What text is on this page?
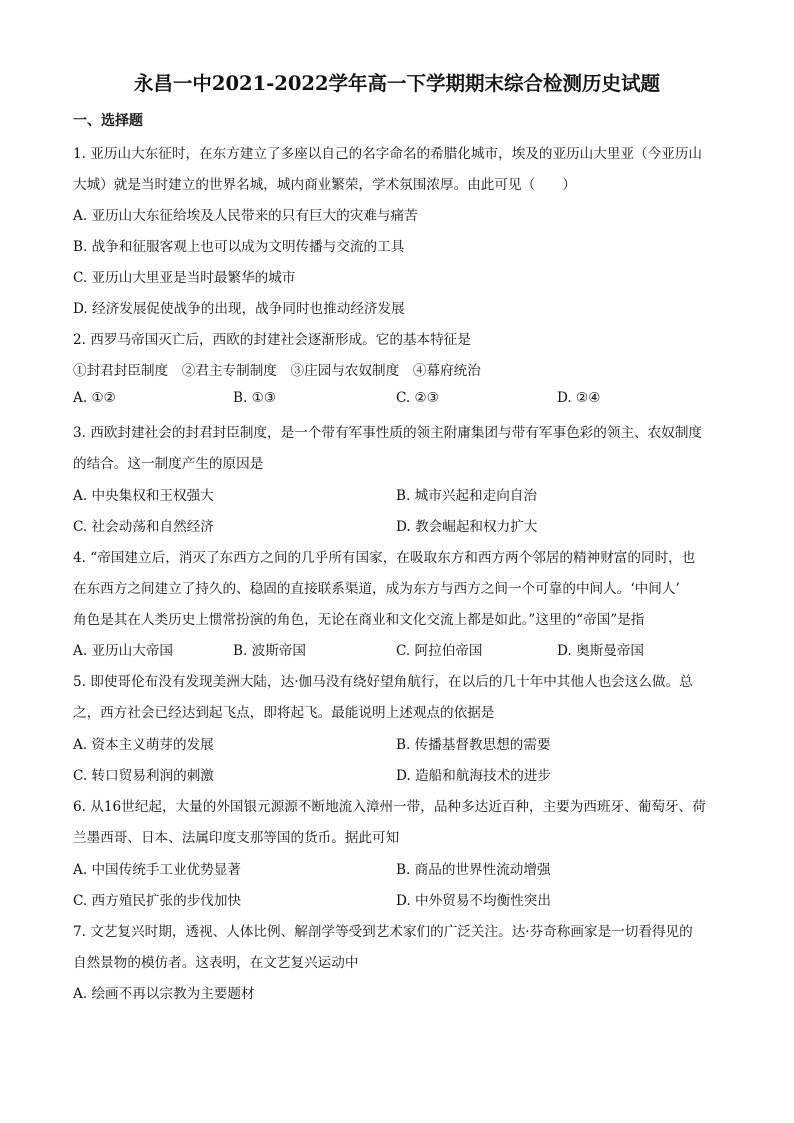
永昌一中2021-2022学年高一下学期期末综合检测历史试题
一、选择题
1. 亚历山大东征时，在东方建立了多座以自己的名字命名的希腊化城市，埃及的亚历山大里亚（今亚历山
大城）就是当时建立的世界名城，城内商业繁荣，学术氛围浓厚。由此可见（　　）
A. 亚历山大东征给埃及人民带来的只有巨大的灾难与痛苦
B. 战争和征服客观上也可以成为文明传播与交流的工具
C. 亚历山大里亚是当时最繁华的城市
D. 经济发展促使战争的出现，战争同时也推动经济发展
2. 西罗马帝国灭亡后，西欧的封建社会逐渐形成。它的基本特征是
①封君封臣制度　②君主专制制度　③庄园与农奴制度　④幕府统治
A. ①②	B. ①③	C. ②③	D. ②④
3. 西欧封建社会的封君封臣制度，是一个带有军事性质的领主附庸集团与带有军事色彩的领主、农奴制度
的结合。这一制度产生的原因是
A. 中央集权和王权强大	B. 城市兴起和走向自治
C. 社会动荡和自然经济	D. 教会崛起和权力扩大
4. “帝国建立后，消灭了东西方之间的几乎所有国家，在吸取东方和西方两个邻居的精神财富的同时，也
在东西方之间建立了持久的、稳固的直接联系渠道，成为东方与西方之间一个可靠的中间人。‘中间人’
角色是其在人类历史上惯常扮演的角色，无论在商业和文化交流上都是如此。”这里的“帝国”是指
A. 亚历山大帝国	B. 波斯帝国	C. 阿拉伯帝国	D. 奥斯曼帝国
5. 即使哥伦布没有发现美洲大陆，达·伽马没有绕好望角航行，在以后的几十年中其他人也会这么做。总
之，西方社会已经达到起飞点，即将起飞。最能说明上述观点的依据是
A. 资本主义萌芽的发展	B. 传播基督教思想的需要
C. 转口贸易利润的刺激	D. 造船和航海技术的进步
6. 从16世纪起，大量的外国银元源源不断地流入漳州一带，品种多达近百种，主要为西班牙、葡萄牙、荷
兰墨西哥、日本、法属印度支那等国的货币。据此可知
A. 中国传统手工业优势显著	B. 商品的世界性流动增强
C. 西方殖民扩张的步伐加快	D. 中外贸易不均衡性突出
7. 文艺复兴时期，透视、人体比例、解剖学等受到艺术家们的广泛关注。达·芬奇称画家是一切看得见的
自然景物的模仿者。这表明，在文艺复兴运动中
A. 绘画不再以宗教为主要题材
